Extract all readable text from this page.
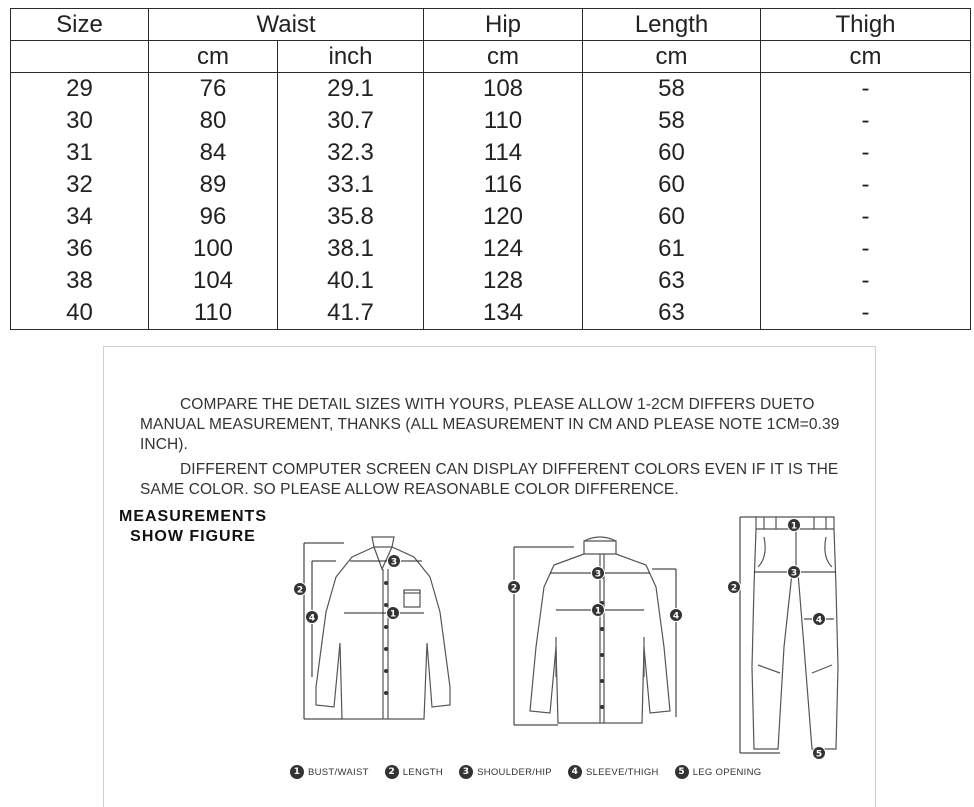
Size	Waist		Hip	Length	Thigh
	cm	inch	cm	cm	cm
29	76	29.1	108	58	-
30	80	30.7	110	58	-
31	84	32.3	114	60	-
32	89	33.1	116	60	-
34	96	35.8	120	60	-
36	100	38.1	124	61	-
38	104	40.1	128	63	-
40	110	41.7	134	63	-

COMPARE THE DETAIL SIZES WITH YOURS, PLEASE ALLOW 1-2CM DIFFERS DUETO MANUAL MEASUREMENT, THANKS (ALL MEASUREMENT IN CM AND PLEASE NOTE 1CM=0.39 INCH).

DIFFERENT COMPUTER SCREEN CAN DISPLAY DIFFERENT COLORS EVEN IF IT IS THE SAME COLOR. SO PLEASE ALLOW REASONABLE COLOR DIFFERENCE.

MEASUREMENTS
SHOW FIGURE
1
2
3
4
1
2
3
4
1
2
3
4
5
1 BUST/WAIST	2 LENGTH	3 SHOULDER/HIP	4 SLEEVE/THIGH	5 LEG OPENING
